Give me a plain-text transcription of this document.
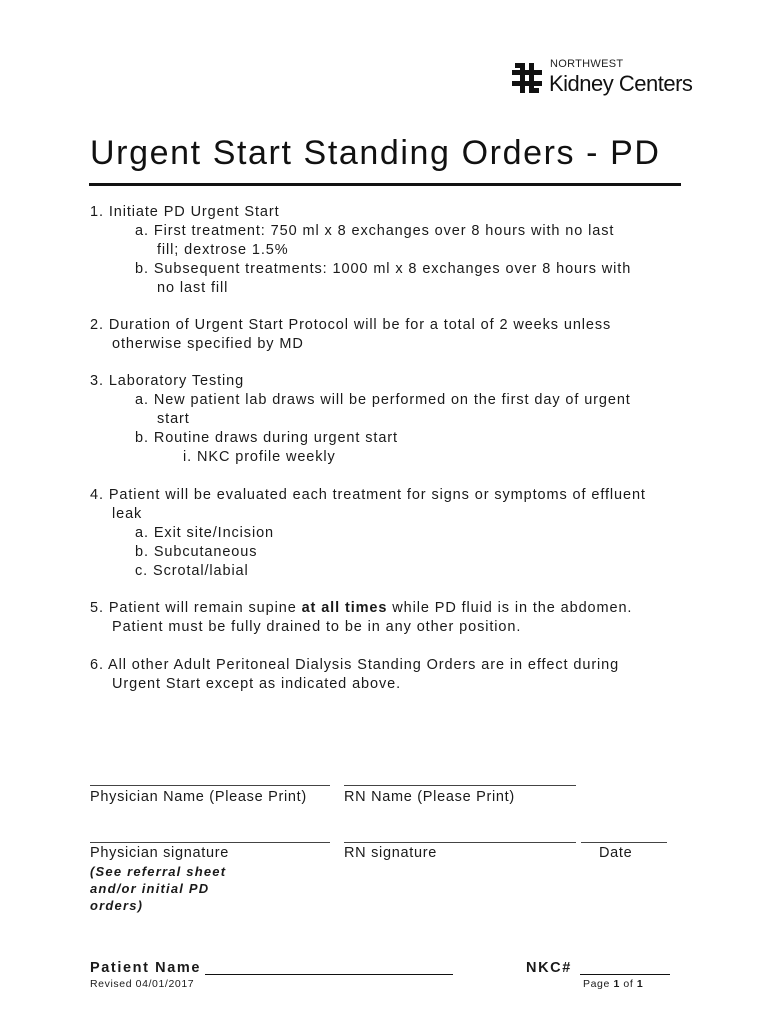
NORTHWEST
Kidney Centers
Urgent Start Standing Orders - PD
1. Initiate PD Urgent Start
a. First treatment: 750 ml x 8 exchanges over 8 hours with no last
fill; dextrose 1.5%
b. Subsequent treatments: 1000 ml x 8 exchanges over 8 hours with
no last fill
2. Duration of Urgent Start Protocol will be for a total of 2 weeks unless
otherwise specified by MD
3. Laboratory Testing
a. New patient lab draws will be performed on the first day of urgent
start
b. Routine draws during urgent start
i. NKC profile weekly
4. Patient will be evaluated each treatment for signs or symptoms of effluent
leak
a. Exit site/Incision
b. Subcutaneous
c. Scrotal/labial
5. Patient will remain supine at all times while PD fluid is in the abdomen.
Patient must be fully drained to be in any other position.
6. All other Adult Peritoneal Dialysis Standing Orders are in effect during
Urgent Start except as indicated above.
Physician Name (Please Print)	RN Name (Please Print)
Physician signature	RN signature	Date
(See referral sheet
and/or initial PD
orders)
Patient Name	NKC#
Revised 04/01/2017	Page 1 of 1
